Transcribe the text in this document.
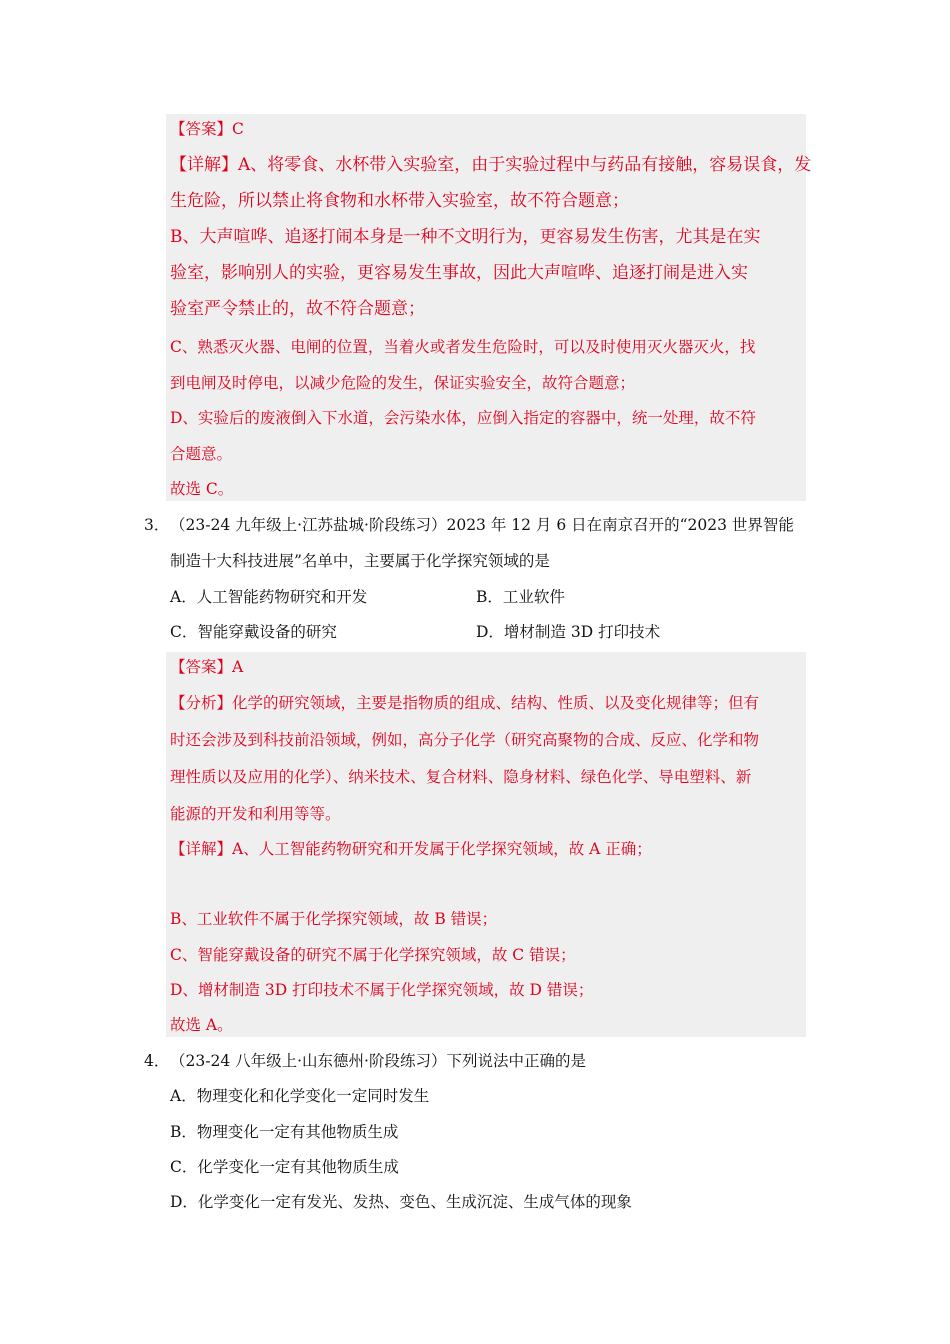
【答案】C
【详解】A、将零食、水杯带入实验室，由于实验过程中与药品有接触，容易误食，发
生危险，所以禁止将食物和水杯带入实验室，故不符合题意；
B、大声喧哗、追逐打闹本身是一种不文明行为，更容易发生伤害，尤其是在实
验室，影响别人的实验，更容易发生事故，因此大声喧哗、追逐打闹是进入实
验室严令禁止的，故不符合题意；
C、熟悉灭火器、电闸的位置，当着火或者发生危险时，可以及时使用灭火器灭火，找
到电闸及时停电，以减少危险的发生，保证实验安全，故符合题意；
D、实验后的废液倒入下水道，会污染水体，应倒入指定的容器中，统一处理，故不符
合题意。
故选 C。
3． （23-24 九年级上·江苏盐城·阶段练习）2023 年 12 月 6 日在南京召开的“2023 世界智能
制造十大科技进展”名单中，主要属于化学探究领域的是
A．人工智能药物研究和开发	B．工业软件
C．智能穿戴设备的研究	D．增材制造 3D 打印技术
【答案】A
【分析】化学的研究领域，主要是指物质的组成、结构、性质、以及变化规律等；但有
时还会涉及到科技前沿领域，例如，高分子化学（研究高聚物的合成、反应、化学和物
理性质以及应用的化学）、纳米技术、复合材料、隐身材料、绿色化学、导电塑料、新
能源的开发和利用等等。
【详解】A、人工智能药物研究和开发属于化学探究领域，故 A 正确；
B、工业软件不属于化学探究领域，故 B 错误；
C、智能穿戴设备的研究不属于化学探究领域，故 C 错误；
D、增材制造 3D 打印技术不属于化学探究领域，故 D 错误；
故选 A。
4． （23-24 八年级上·山东德州·阶段练习）下列说法中正确的是
A．物理变化和化学变化一定同时发生
B．物理变化一定有其他物质生成
C．化学变化一定有其他物质生成
D．化学变化一定有发光、发热、变色、生成沉淀、生成气体的现象
